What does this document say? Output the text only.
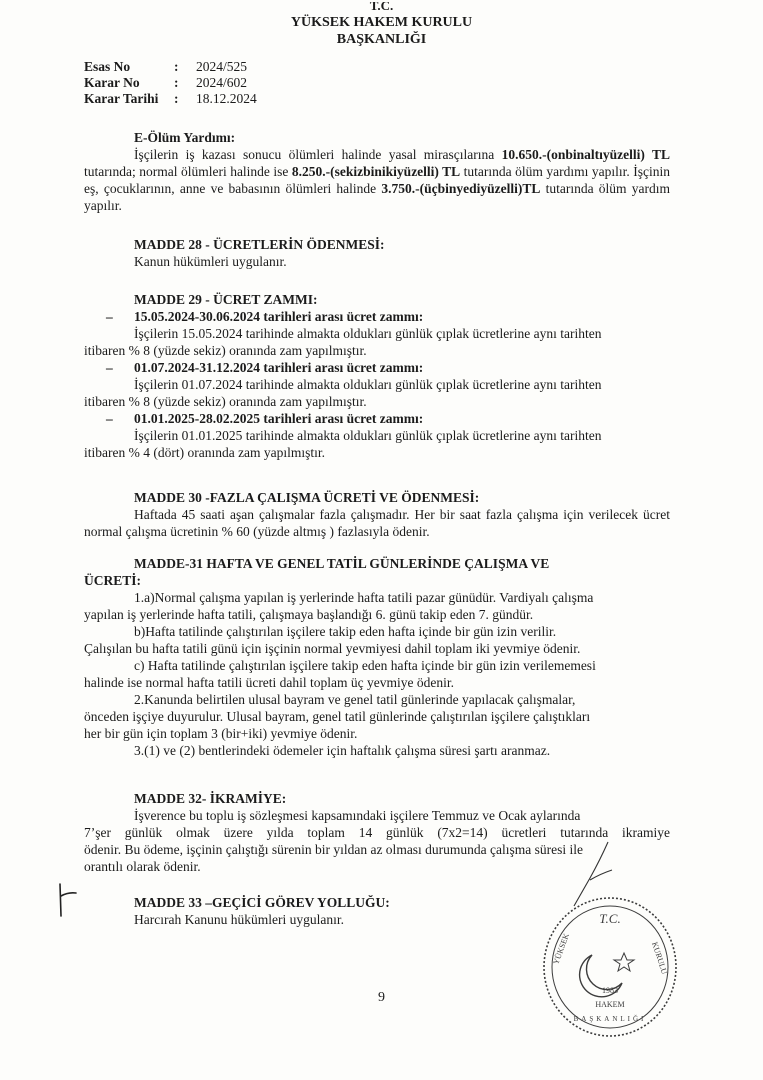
T.C.
YÜKSEK HAKEM KURULU
BAŞKANLIĞI
Esas No	:	2024/525
Karar No	:	2024/602
Karar Tarihi	:	18.12.2024

E-Ölüm Yardımı:

İşçilerin iş kazası sonucu ölümleri halinde yasal mirasçılarına 10.650.-(onbinaltıyüzelli) TL tutarında; normal ölümleri halinde ise 8.250.-(sekizbinikiyüzelli) TL tutarında ölüm yardımı yapılır. İşçinin eş, çocuklarının, anne ve babasının ölümleri halinde 3.750.-(üçbinyediyüzelli)TL tutarında ölüm yardım yapılır.

MADDE 28 - ÜCRETLERİN ÖDENMESİ:

Kanun hükümleri uygulanır.

MADDE 29 - ÜCRET ZAMMI:

– 15.05.2024-30.06.2024 tarihleri arası ücret zammı:

İşçilerin 15.05.2024 tarihinde almakta oldukları günlük çıplak ücretlerine aynı tarihten

itibaren % 8 (yüzde sekiz) oranında zam yapılmıştır.

– 01.07.2024-31.12.2024 tarihleri arası ücret zammı:

İşçilerin 01.07.2024 tarihinde almakta oldukları günlük çıplak ücretlerine aynı tarihten

itibaren % 8 (yüzde sekiz) oranında zam yapılmıştır.

– 01.01.2025-28.02.2025 tarihleri arası ücret zammı:

İşçilerin 01.01.2025 tarihinde almakta oldukları günlük çıplak ücretlerine aynı tarihten

itibaren % 4 (dört) oranında zam yapılmıştır.

MADDE 30 -FAZLA ÇALIŞMA ÜCRETİ VE ÖDENMESİ:

Haftada 45 saati aşan çalışmalar fazla çalışmadır. Her bir saat fazla çalışma için verilecek ücret normal çalışma ücretinin % 60 (yüzde altmış ) fazlasıyla ödenir.

MADDE-31 HAFTA VE GENEL TATİL GÜNLERİNDE ÇALIŞMA VE

ÜCRETİ:

1.a)Normal çalışma yapılan iş yerlerinde hafta tatili pazar günüdür. Vardiyalı çalışma

yapılan iş yerlerinde hafta tatili, çalışmaya başlandığı 6. günü takip eden 7. gündür.

b)Hafta tatilinde çalıştırılan işçilere takip eden hafta içinde bir gün izin verilir.

Çalışılan bu hafta tatili günü için işçinin normal yevmiyesi dahil toplam iki yevmiye ödenir.

c) Hafta tatilinde çalıştırılan işçilere takip eden hafta içinde bir gün izin verilememesi

halinde ise normal hafta tatili ücreti dahil toplam üç yevmiye ödenir.

2.Kanunda belirtilen ulusal bayram ve genel tatil günlerinde yapılacak çalışmalar,

önceden işçiye duyurulur. Ulusal bayram, genel tatil günlerinde çalıştırılan işçilere çalıştıkları

her bir gün için toplam 3 (bir+iki) yevmiye ödenir.

3.(1) ve (2) bentlerindeki ödemeler için haftalık çalışma süresi şartı aranmaz.

MADDE 32- İKRAMİYE:

İşverence bu toplu iş sözleşmesi kapsamındaki işçilere Temmuz ve Ocak aylarında

7’şer günlük olmak üzere yılda toplam 14 günlük (7x2=14) ücretleri tutarında ikramiye

ödenir. Bu ödeme, işçinin çalıştığı sürenin bir yıldan az olması durumunda çalışma süresi ile

orantılı olarak ödenir.

MADDE 33 –GEÇİCİ GÖREV YOLLUĞU:

Harcırah Kanunu hükümleri uygulanır.

9
T.C.
YÜKSEK	KURULU
1983
HAKEM
BAŞKANLIĞI
